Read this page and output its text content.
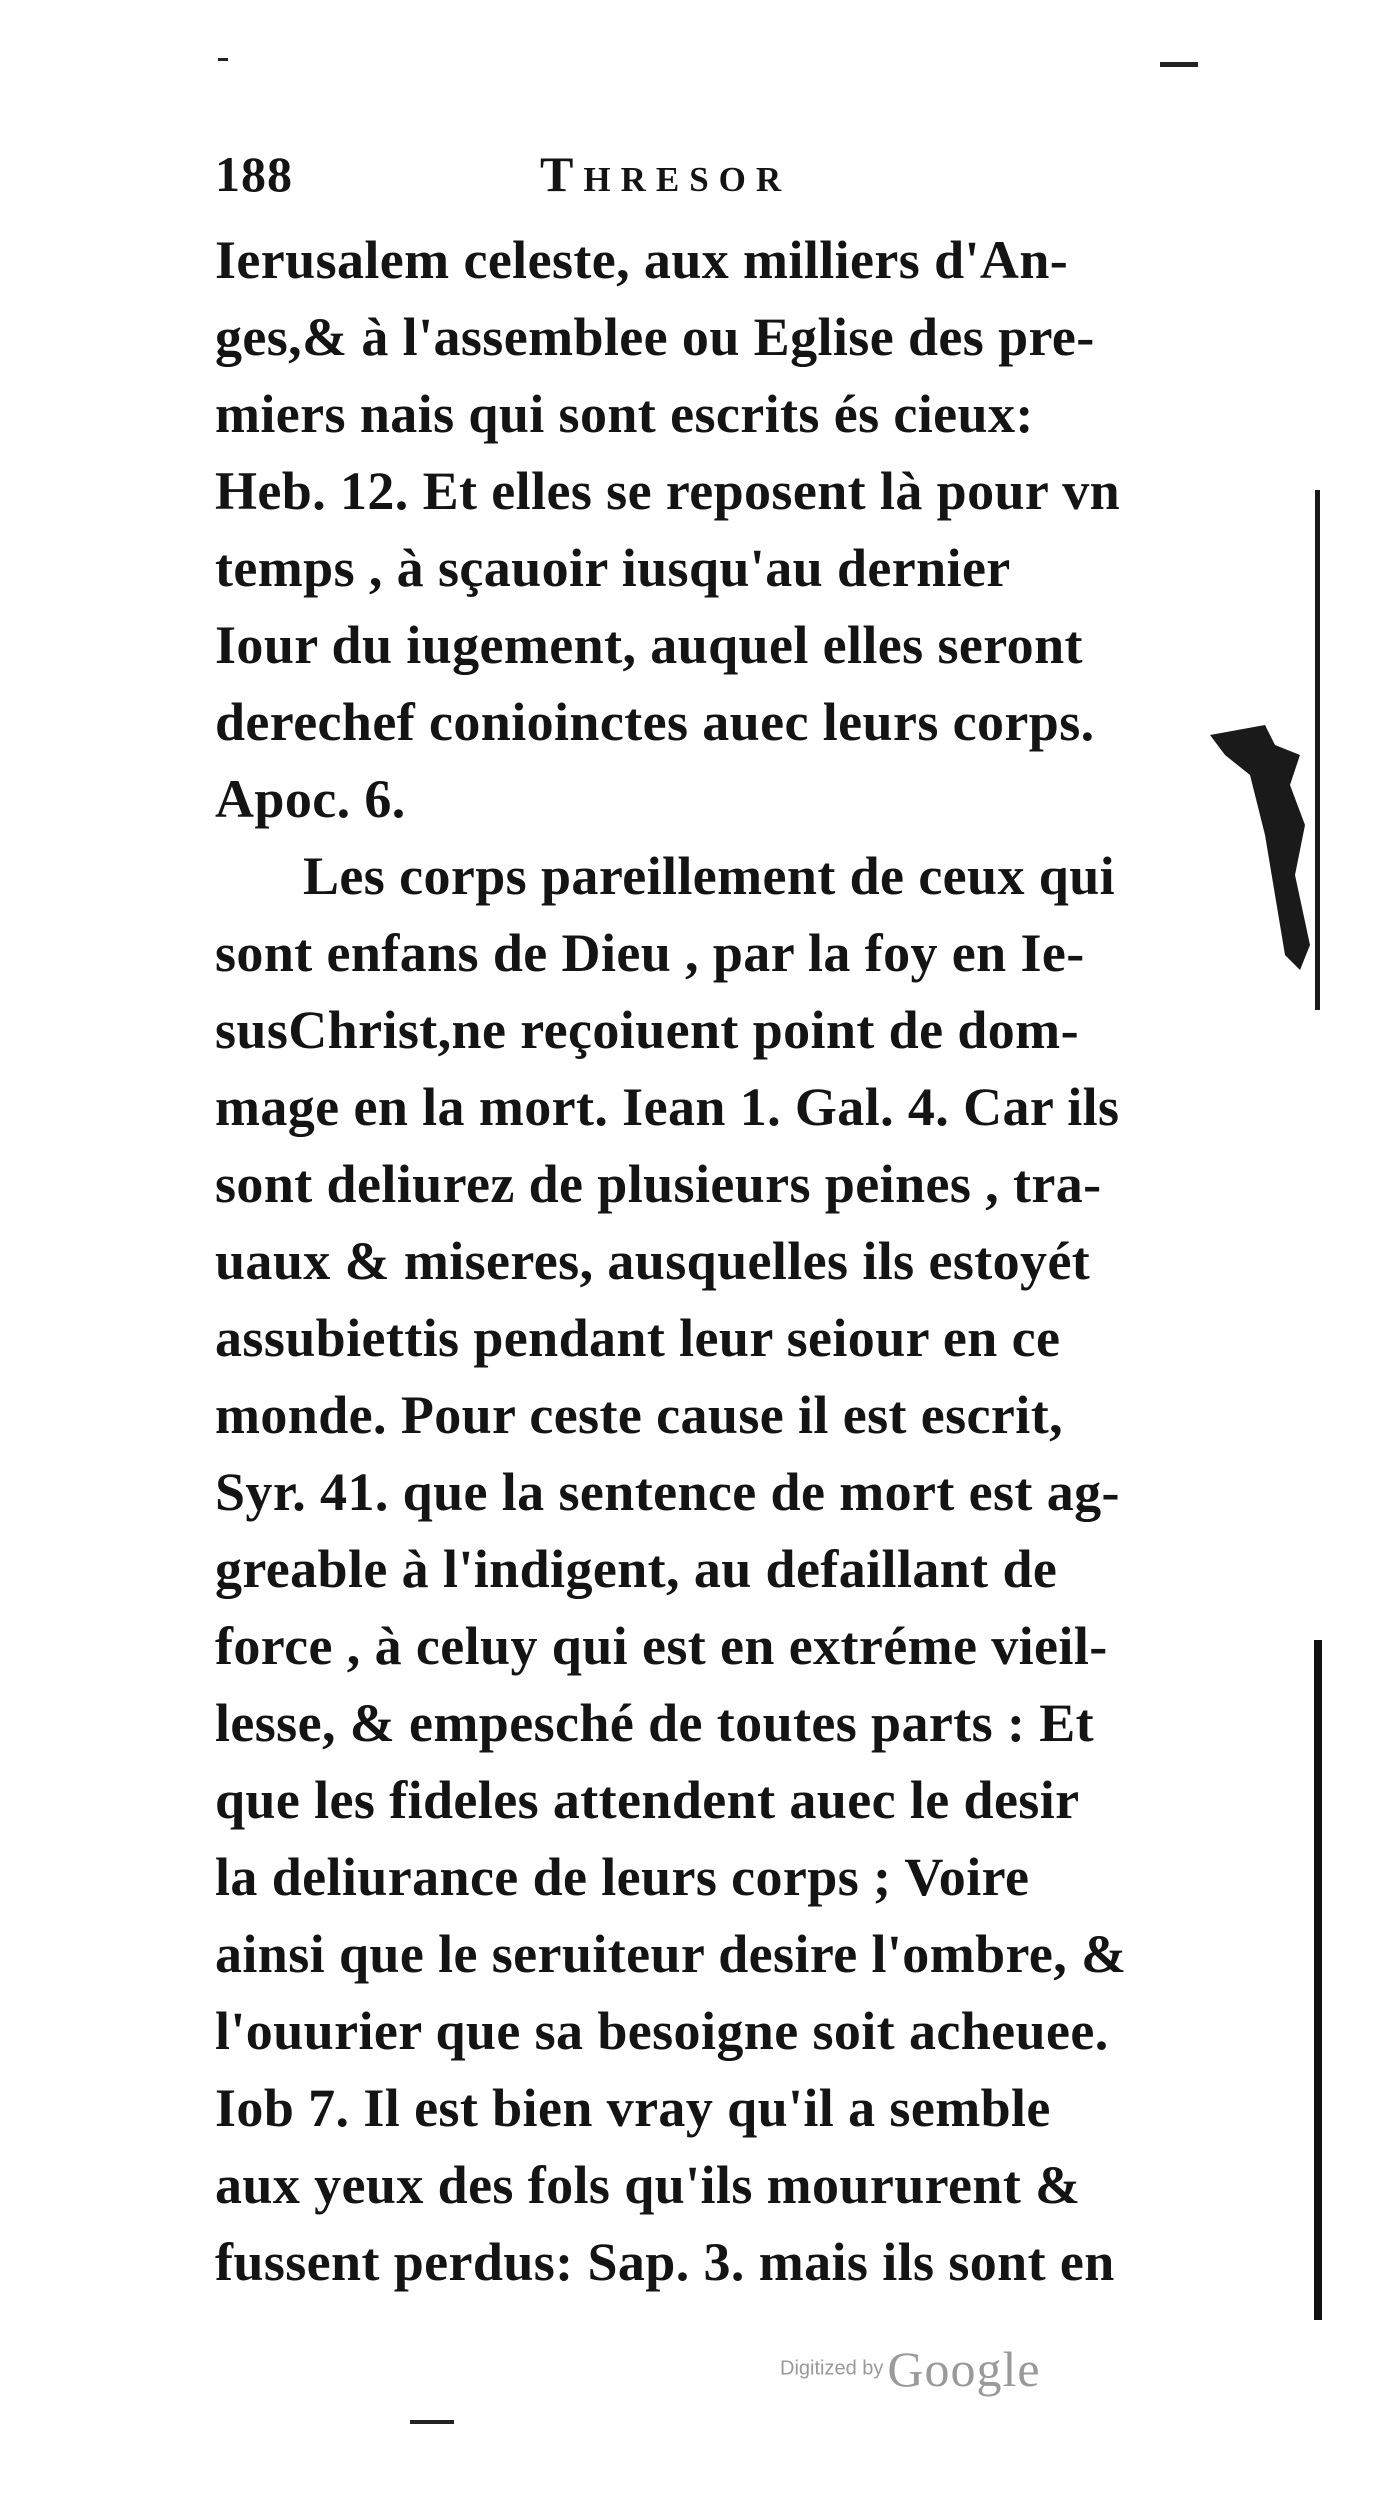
188	Thresor
Ierusalem celeste, aux milliers d'An-
ges,& à l'assemblee ou Eglise des pre-
miers nais qui sont escrits és cieux:
Heb. 12. Et elles se reposent là pour vn
temps , à sçauoir iusqu'au dernier
Iour du iugement, auquel elles seront
derechef conioinctes auec leurs corps.
Apoc. 6.
Les corps pareillement de ceux qui
sont enfans de Dieu , par la foy en Ie-
susChrist,ne reçoiuent point de dom-
mage en la mort. Iean 1. Gal. 4. Car ils
sont deliurez de plusieurs peines , tra-
uaux & miseres, ausquelles ils estoyét
assubiettis pendant leur seiour en ce
monde. Pour ceste cause il est escrit,
Syr. 41. que la sentence de mort est ag-
greable à l'indigent, au defaillant de
force , à celuy qui est en extréme vieil-
lesse, & empesché de toutes parts : Et
que les fideles attendent auec le desir
la deliurance de leurs corps ; Voire
ainsi que le seruiteur desire l'ombre, &
l'ouurier que sa besoigne soit acheuee.
Iob 7. Il est bien vray qu'il a semble
aux yeux des fols qu'ils moururent &
fussent perdus: Sap. 3. mais ils sont en
Digitized by Google
